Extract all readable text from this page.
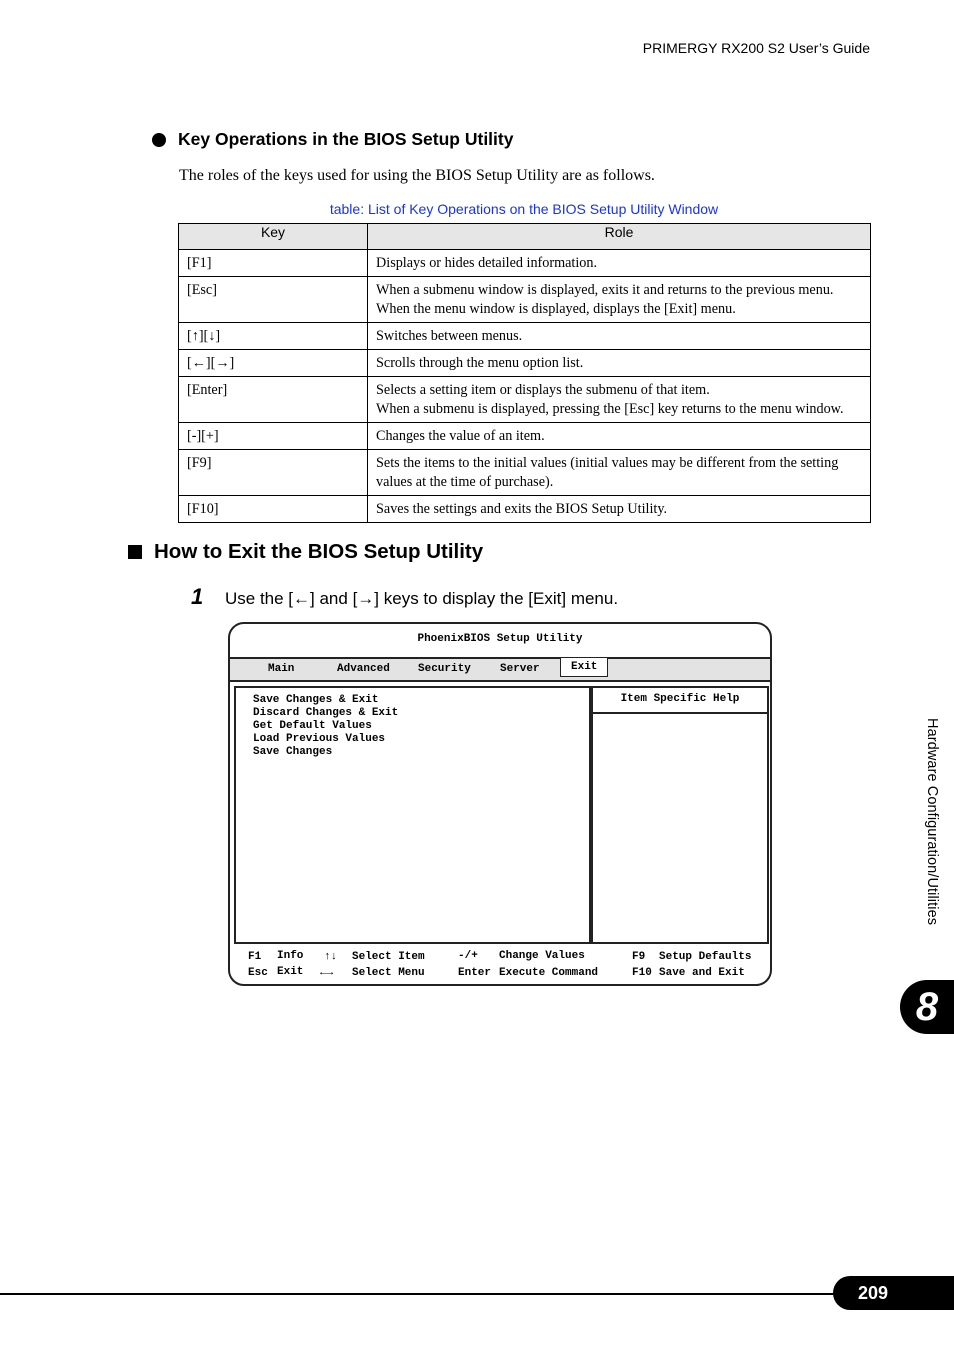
PRIMERGY RX200 S2 User’s Guide
Key Operations in the BIOS Setup Utility
The roles of the keys used for using the BIOS Setup Utility are as follows.
table: List of Key Operations on the BIOS Setup Utility Window
Key	Role
[F1]	Displays or hides detailed information.

[Esc]	When a submenu window is displayed, exits it and returns to the previous menu.
When the menu window is displayed, displays the [Exit] menu.

[↑][↓]	Switches between menus.

[←][→]	Scrolls through the menu option list.

[Enter]	Selects a setting item or displays the submenu of that item.
When a submenu is displayed, pressing the [Esc] key returns to the menu window.

[-][+]	Changes the value of an item.

[F9]	Sets the items to the initial values (initial values may be different from the setting
values at the time of purchase).

[F10]	Saves the settings and exits the BIOS Setup Utility.
How to Exit the BIOS Setup Utility
1 Use the [←] and [→] keys to display the [Exit] menu.
PhoenixBIOS Setup Utility
Main	Advanced	Security	Server	Exit
Save Changes & Exit
Discard Changes & Exit
Get Default Values
Load Previous Values
Save Changes
Item Specific Help
F1 Info
Esc Exit
↑↓ Select Item
←→ Select Menu
-/+ Change Values
Enter Execute Command
F9 Setup Defaults
F10 Save and Exit
Hardware Configuration/Utilities
8
209
